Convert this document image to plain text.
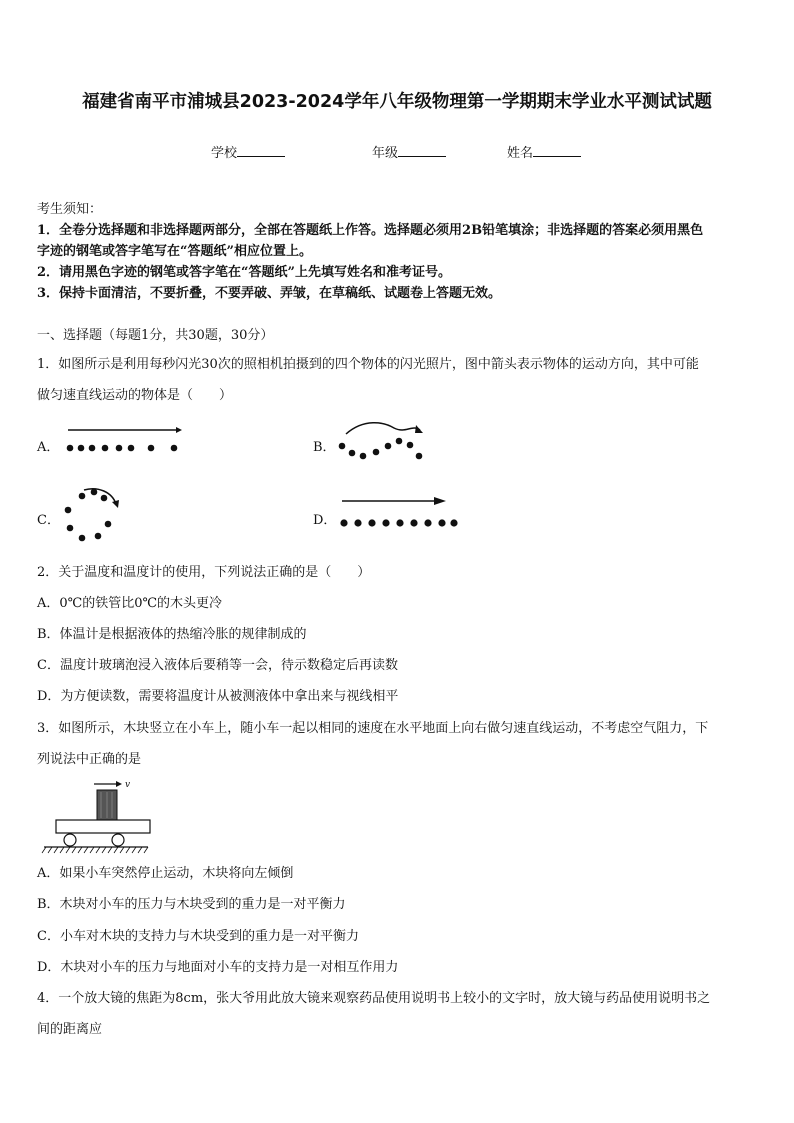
福建省南平市浦城县2023-2024学年八年级物理第一学期期末学业水平测试试题
学校	年级	姓名
考生须知：
1．全卷分选择题和非选择题两部分，全部在答题纸上作答。选择题必须用2B铅笔填涂；非选择题的答案必须用黑色
字迹的钢笔或答字笔写在“答题纸”相应位置上。
2．请用黑色字迹的钢笔或答字笔在“答题纸”上先填写姓名和准考证号。
3．保持卡面清洁，不要折叠，不要弄破、弄皱，在草稿纸、试题卷上答题无效。
一、选择题（每题1分，共30题，30分）
1．如图所示是利用每秒闪光30次的照相机拍摄到的四个物体的闪光照片，图中箭头表示物体的运动方向，其中可能
做匀速直线运动的物体是（　　）
A．	B．
C．	D．
2．关于温度和温度计的使用，下列说法正确的是（　　）
A．0℃的铁管比0℃的木头更冷
B．体温计是根据液体的热缩冷胀的规律制成的
C．温度计玻璃泡浸入液体后要稍等一会，待示数稳定后再读数
D．为方便读数，需要将温度计从被测液体中拿出来与视线相平
3．如图所示，木块竖立在小车上，随小车一起以相同的速度在水平地面上向右做匀速直线运动，不考虑空气阻力，下
列说法中正确的是
v
A．如果小车突然停止运动，木块将向左倾倒
B．木块对小车的压力与木块受到的重力是一对平衡力
C．小车对木块的支持力与木块受到的重力是一对平衡力
D．木块对小车的压力与地面对小车的支持力是一对相互作用力
4．一个放大镜的焦距为8cm，张大爷用此放大镜来观察药品使用说明书上较小的文字时，放大镜与药品使用说明书之
间的距离应
